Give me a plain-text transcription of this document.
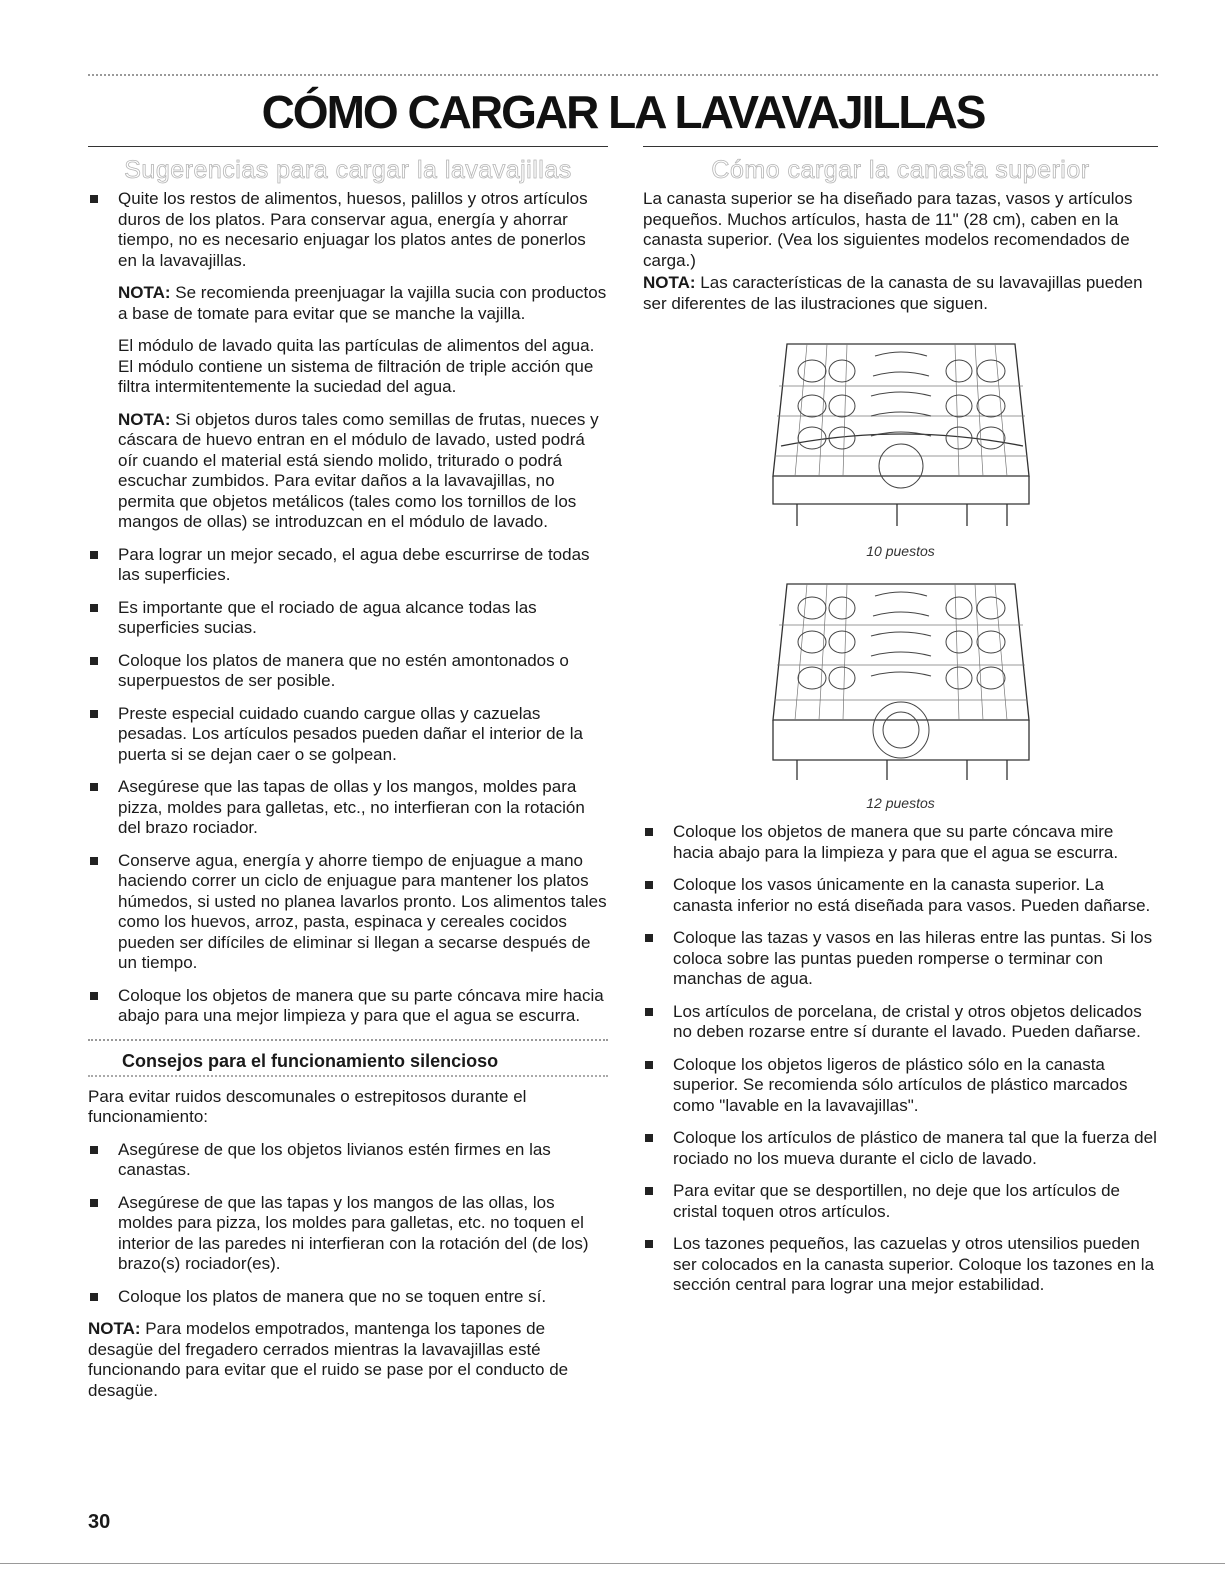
CÓMO CARGAR LA LAVAVAJILLAS
Sugerencias para cargar la lavavajillas

Quite los restos de alimentos, huesos, palillos y otros artículos duros de los platos. Para conservar agua, energía y ahorrar tiempo, no es necesario enjuagar los platos antes de ponerlos en la lavavajillas.

NOTA: Se recomienda preenjuagar la vajilla sucia con productos a base de tomate para evitar que se manche la vajilla.

El módulo de lavado quita las partículas de alimentos del agua. El módulo contiene un sistema de filtración de triple acción que filtra intermitentemente la suciedad del agua.

NOTA: Si objetos duros tales como semillas de frutas, nueces y cáscara de huevo entran en el módulo de lavado, usted podrá oír cuando el material está siendo molido, triturado o podrá escuchar zumbidos. Para evitar daños a la lavavajillas, no permita que objetos metálicos (tales como los tornillos de los mangos de ollas) se introduzcan en el módulo de lavado.

Para lograr un mejor secado, el agua debe escurrirse de todas las superficies.
Es importante que el rociado de agua alcance todas las superficies sucias.
Coloque los platos de manera que no estén amontonados o superpuestos de ser posible.
Preste especial cuidado cuando cargue ollas y cazuelas pesadas. Los artículos pesados pueden dañar el interior de la puerta si se dejan caer o se golpean.
Asegúrese que las tapas de ollas y los mangos, moldes para pizza, moldes para galletas, etc., no interfieran con la rotación del brazo rociador.
Conserve agua, energía y ahorre tiempo de enjuague a mano haciendo correr un ciclo de enjuague para mantener los platos húmedos, si usted no planea lavarlos pronto. Los alimentos tales como los huevos, arroz, pasta, espinaca y cereales cocidos pueden ser difíciles de eliminar si llegan a secarse después de un tiempo.
Coloque los objetos de manera que su parte cóncava mire hacia abajo para una mejor limpieza y para que el agua se escurra.

Consejos para el funcionamiento silencioso

Para evitar ruidos descomunales o estrepitosos durante el funcionamiento:

Asegúrese de que los objetos livianos estén firmes en las canastas.
Asegúrese de que las tapas y los mangos de las ollas, los moldes para pizza, los moldes para galletas, etc. no toquen el interior de las paredes ni interfieran con la rotación del (de los) brazo(s) rociador(es).
Coloque los platos de manera que no se toquen entre sí.

NOTA: Para modelos empotrados, mantenga los tapones de desagüe del fregadero cerrados mientras la lavavajillas esté funcionando para evitar que el ruido se pase por el conducto de desagüe.

Cómo cargar la canasta superior

La canasta superior se ha diseñado para tazas, vasos y artículos pequeños. Muchos artículos, hasta de 11" (28 cm), caben en la canasta superior. (Vea los siguientes modelos recomendados de carga.)

NOTA: Las características de la canasta de su lavavajillas pueden ser diferentes de las ilustraciones que siguen.

10 puestos
12 puestos
Coloque los objetos de manera que su parte cóncava mire hacia abajo para la limpieza y para que el agua se escurra.
Coloque los vasos únicamente en la canasta superior. La canasta inferior no está diseñada para vasos. Pueden dañarse.
Coloque las tazas y vasos en las hileras entre las puntas. Si los coloca sobre las puntas pueden romperse o terminar con manchas de agua.
Los artículos de porcelana, de cristal y otros objetos delicados no deben rozarse entre sí durante el lavado. Pueden dañarse.
Coloque los objetos ligeros de plástico sólo en la canasta superior. Se recomienda sólo artículos de plástico marcados como "lavable en la lavavajillas".
Coloque los artículos de plástico de manera tal que la fuerza del rociado no los mueva durante el ciclo de lavado.
Para evitar que se desportillen, no deje que los artículos de cristal toquen otros artículos.
Los tazones pequeños, las cazuelas y otros utensilios pueden ser colocados en la canasta superior. Coloque los tazones en la sección central para lograr una mejor estabilidad.
30
